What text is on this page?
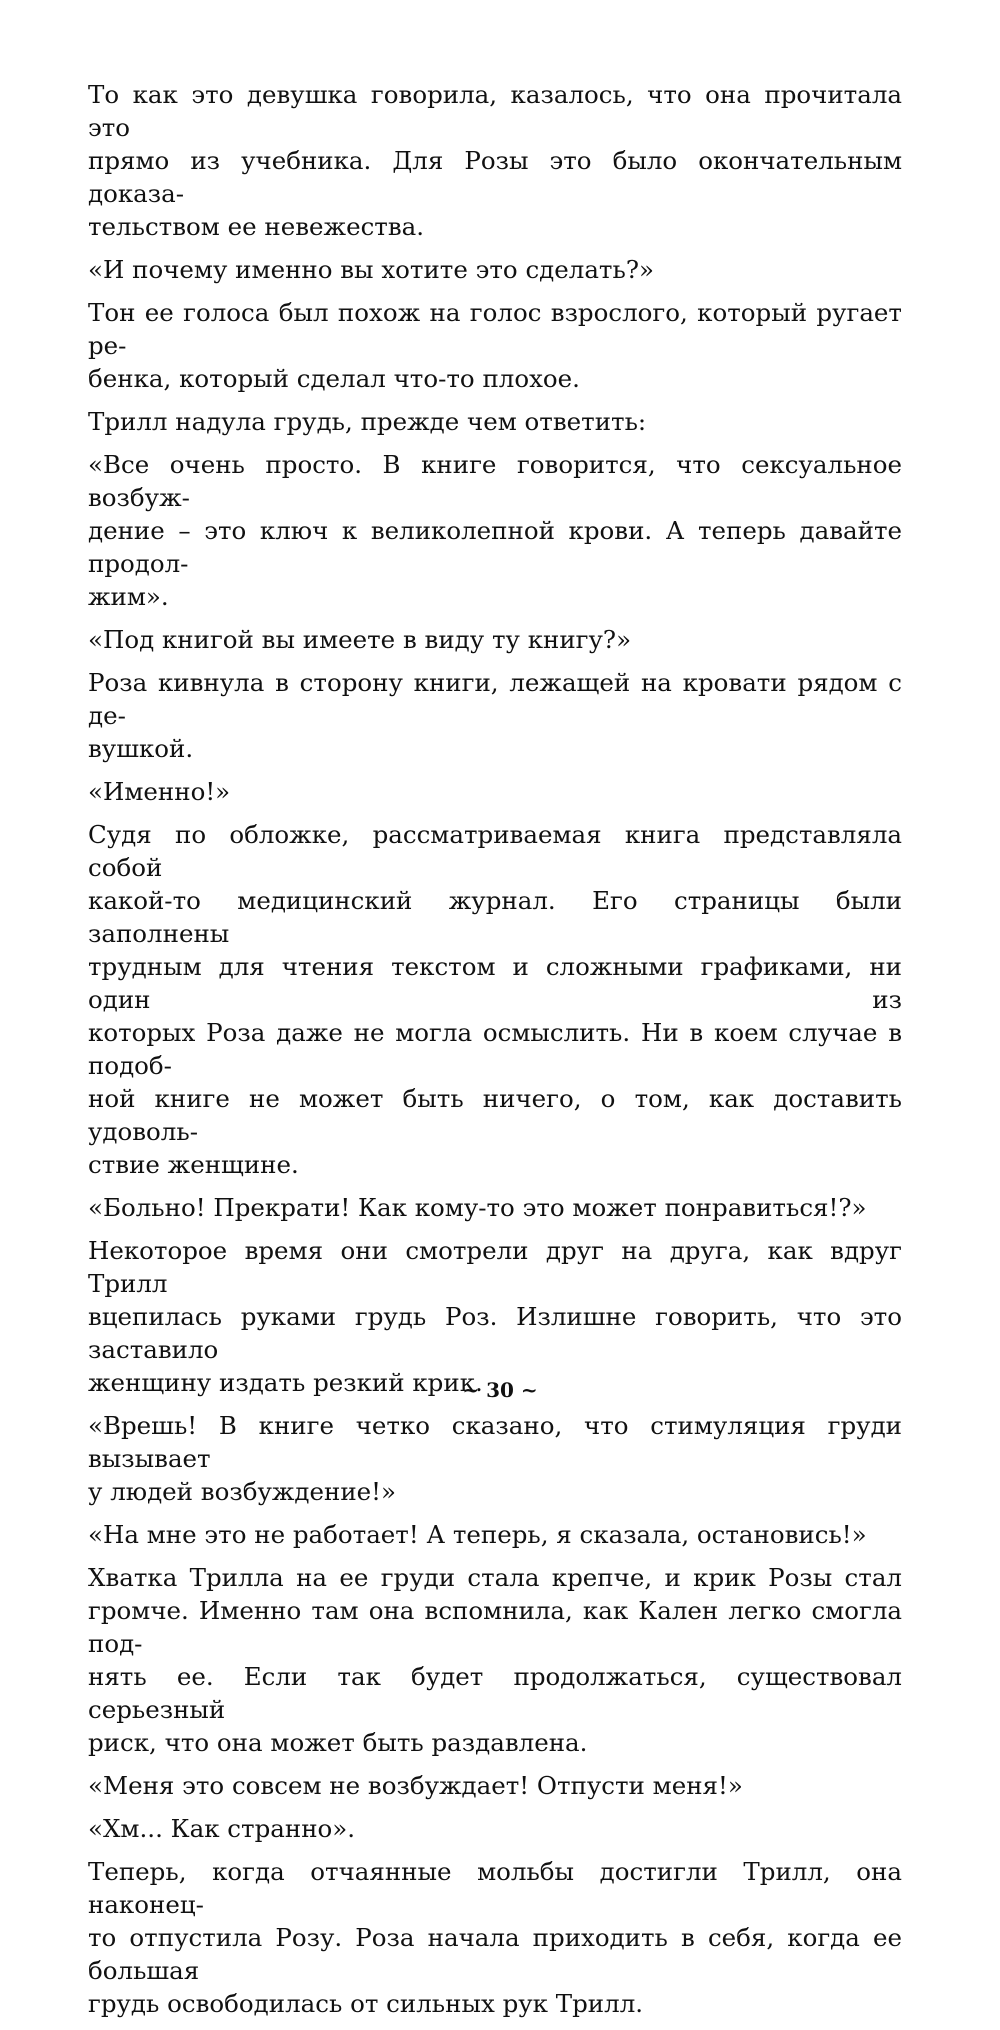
То как это девушка говорила, казалось, что она прочитала это
прямо из учебника. Для Розы это было окончательным доказа-
тельством ее невежества.

«И почему именно вы хотите это сделать?»

Тон ее голоса был похож на голос взрослого, который ругает ре-
бенка, который сделал что-то плохое.

Трилл надула грудь, прежде чем ответить:

«Все очень просто. В книге говорится, что сексуальное возбуж-
дение – это ключ к великолепной крови. А теперь давайте продол-
жим».

«Под книгой вы имеете в виду ту книгу?»

Роза кивнула в сторону книги, лежащей на кровати рядом с де-
вушкой.

«Именно!»

Судя по обложке, рассматриваемая книга представляла собой
какой-то медицинский журнал. Его страницы были заполнены
трудным для чтения текстом и сложными графиками, ни один из
которых Роза даже не могла осмыслить. Ни в коем случае в подоб-
ной книге не может быть ничего, о том, как доставить удоволь-
ствие женщине.

«Больно! Прекрати! Как кому-то это может понравиться!?»

Некоторое время они смотрели друг на друга, как вдруг Трилл
вцепилась руками грудь Роз. Излишне говорить, что это заставило
женщину издать резкий крик.

«Врешь! В книге четко сказано, что стимуляция груди вызывает
у людей возбуждение!»

«На мне это не работает! А теперь, я сказала, остановись!»

Хватка Трилла на ее груди стала крепче, и крик Розы стал
громче. Именно там она вспомнила, как Кален легко смогла под-
нять ее. Если так будет продолжаться, существовал серьезный
риск, что она может быть раздавлена.

«Меня это совсем не возбуждает! Отпусти меня!»

«Хм... Как странно».

Теперь, когда отчаянные мольбы достигли Трилл, она наконец-
то отпустила Розу. Роза начала приходить в себя, когда ее большая
грудь освободилась от сильных рук Трилл.

~ 30 ~
